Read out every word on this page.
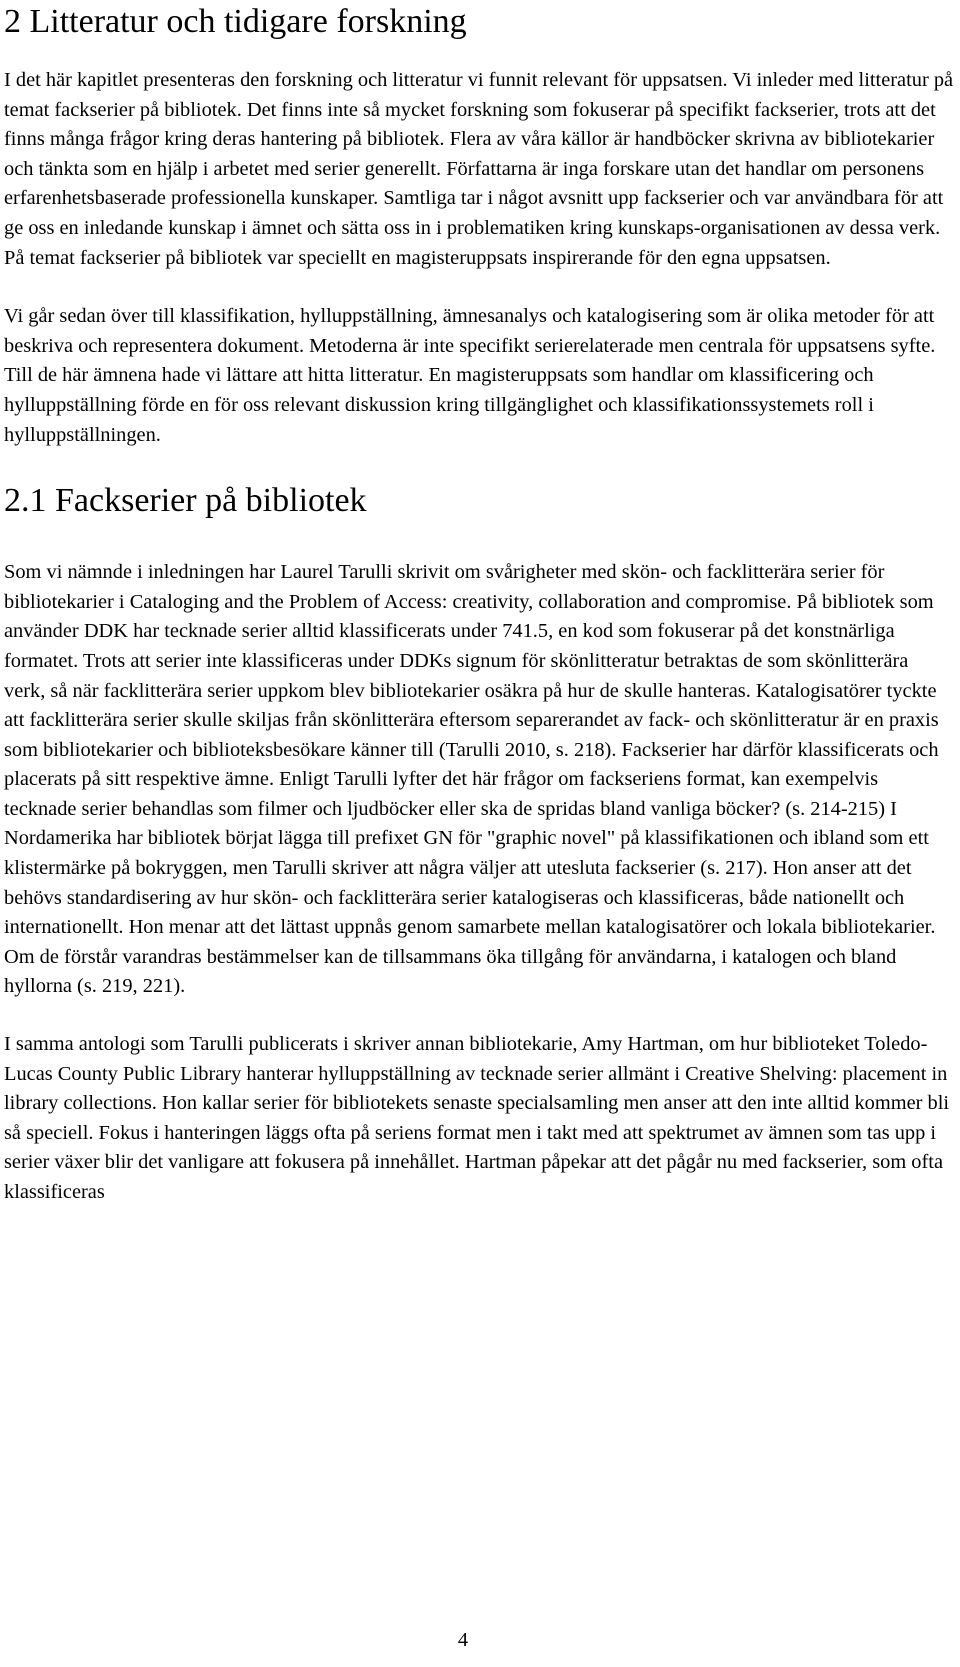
2 Litteratur och tidigare forskning

I det här kapitlet presenteras den forskning och litteratur vi funnit relevant för uppsatsen. Vi inleder med litteratur på temat fackserier på bibliotek. Det finns inte så mycket forskning som fokuserar på specifikt fackserier, trots att det finns många frågor kring deras hantering på bibliotek. Flera av våra källor är handböcker skrivna av bibliotekarier och tänkta som en hjälp i arbetet med serier generellt. Författarna är inga forskare utan det handlar om personens erfarenhetsbaserade professionella kunskaper. Samtliga tar i något avsnitt upp fackserier och var användbara för att ge oss en inledande kunskap i ämnet och sätta oss in i problematiken kring kunskaps-organisationen av dessa verk. På temat fackserier på bibliotek var speciellt en magisteruppsats inspirerande för den egna uppsatsen.

Vi går sedan över till klassifikation, hylluppställning, ämnesanalys och katalogisering som är olika metoder för att beskriva och representera dokument. Metoderna är inte specifikt serierelaterade men centrala för uppsatsens syfte. Till de här ämnena hade vi lättare att hitta litteratur. En magisteruppsats som handlar om klassificering och hylluppställning förde en för oss relevant diskussion kring tillgänglighet och klassifikationssystemets roll i hylluppställningen.

2.1 Fackserier på bibliotek

Som vi nämnde i inledningen har Laurel Tarulli skrivit om svårigheter med skön- och facklitterära serier för bibliotekarier i Cataloging and the Problem of Access: creativity, collaboration and compromise. På bibliotek som använder DDK har tecknade serier alltid klassificerats under 741.5, en kod som fokuserar på det konstnärliga formatet. Trots att serier inte klassificeras under DDKs signum för skönlitteratur betraktas de som skönlitterära verk, så när facklitterära serier uppkom blev bibliotekarier osäkra på hur de skulle hanteras. Katalogisatörer tyckte att facklitterära serier skulle skiljas från skönlitterära eftersom separerandet av fack- och skönlitteratur är en praxis som bibliotekarier och biblioteksbesökare känner till (Tarulli 2010, s. 218). Fackserier har därför klassificerats och placerats på sitt respektive ämne. Enligt Tarulli lyfter det här frågor om fackseriens format, kan exempelvis tecknade serier behandlas som filmer och ljudböcker eller ska de spridas bland vanliga böcker? (s. 214-215) I Nordamerika har bibliotek börjat lägga till prefixet GN för "graphic novel" på klassifikationen och ibland som ett klistermärke på bokryggen, men Tarulli skriver att några väljer att utesluta fackserier (s. 217). Hon anser att det behövs standardisering av hur skön- och facklitterära serier katalogiseras och klassificeras, både nationellt och internationellt. Hon menar att det lättast uppnås genom samarbete mellan katalogisatörer och lokala bibliotekarier. Om de förstår varandras bestämmelser kan de tillsammans öka tillgång för användarna, i katalogen och bland hyllorna (s. 219, 221).

I samma antologi som Tarulli publicerats i skriver annan bibliotekarie, Amy Hartman, om hur biblioteket Toledo-Lucas County Public Library hanterar hylluppställning av tecknade serier allmänt i Creative Shelving: placement in library collections. Hon kallar serier för bibliotekets senaste specialsamling men anser att den inte alltid kommer bli så speciell. Fokus i hanteringen läggs ofta på seriens format men i takt med att spektrumet av ämnen som tas upp i serier växer blir det vanligare att fokusera på innehållet. Hartman påpekar att det pågår nu med fackserier, som ofta klassificeras

4
